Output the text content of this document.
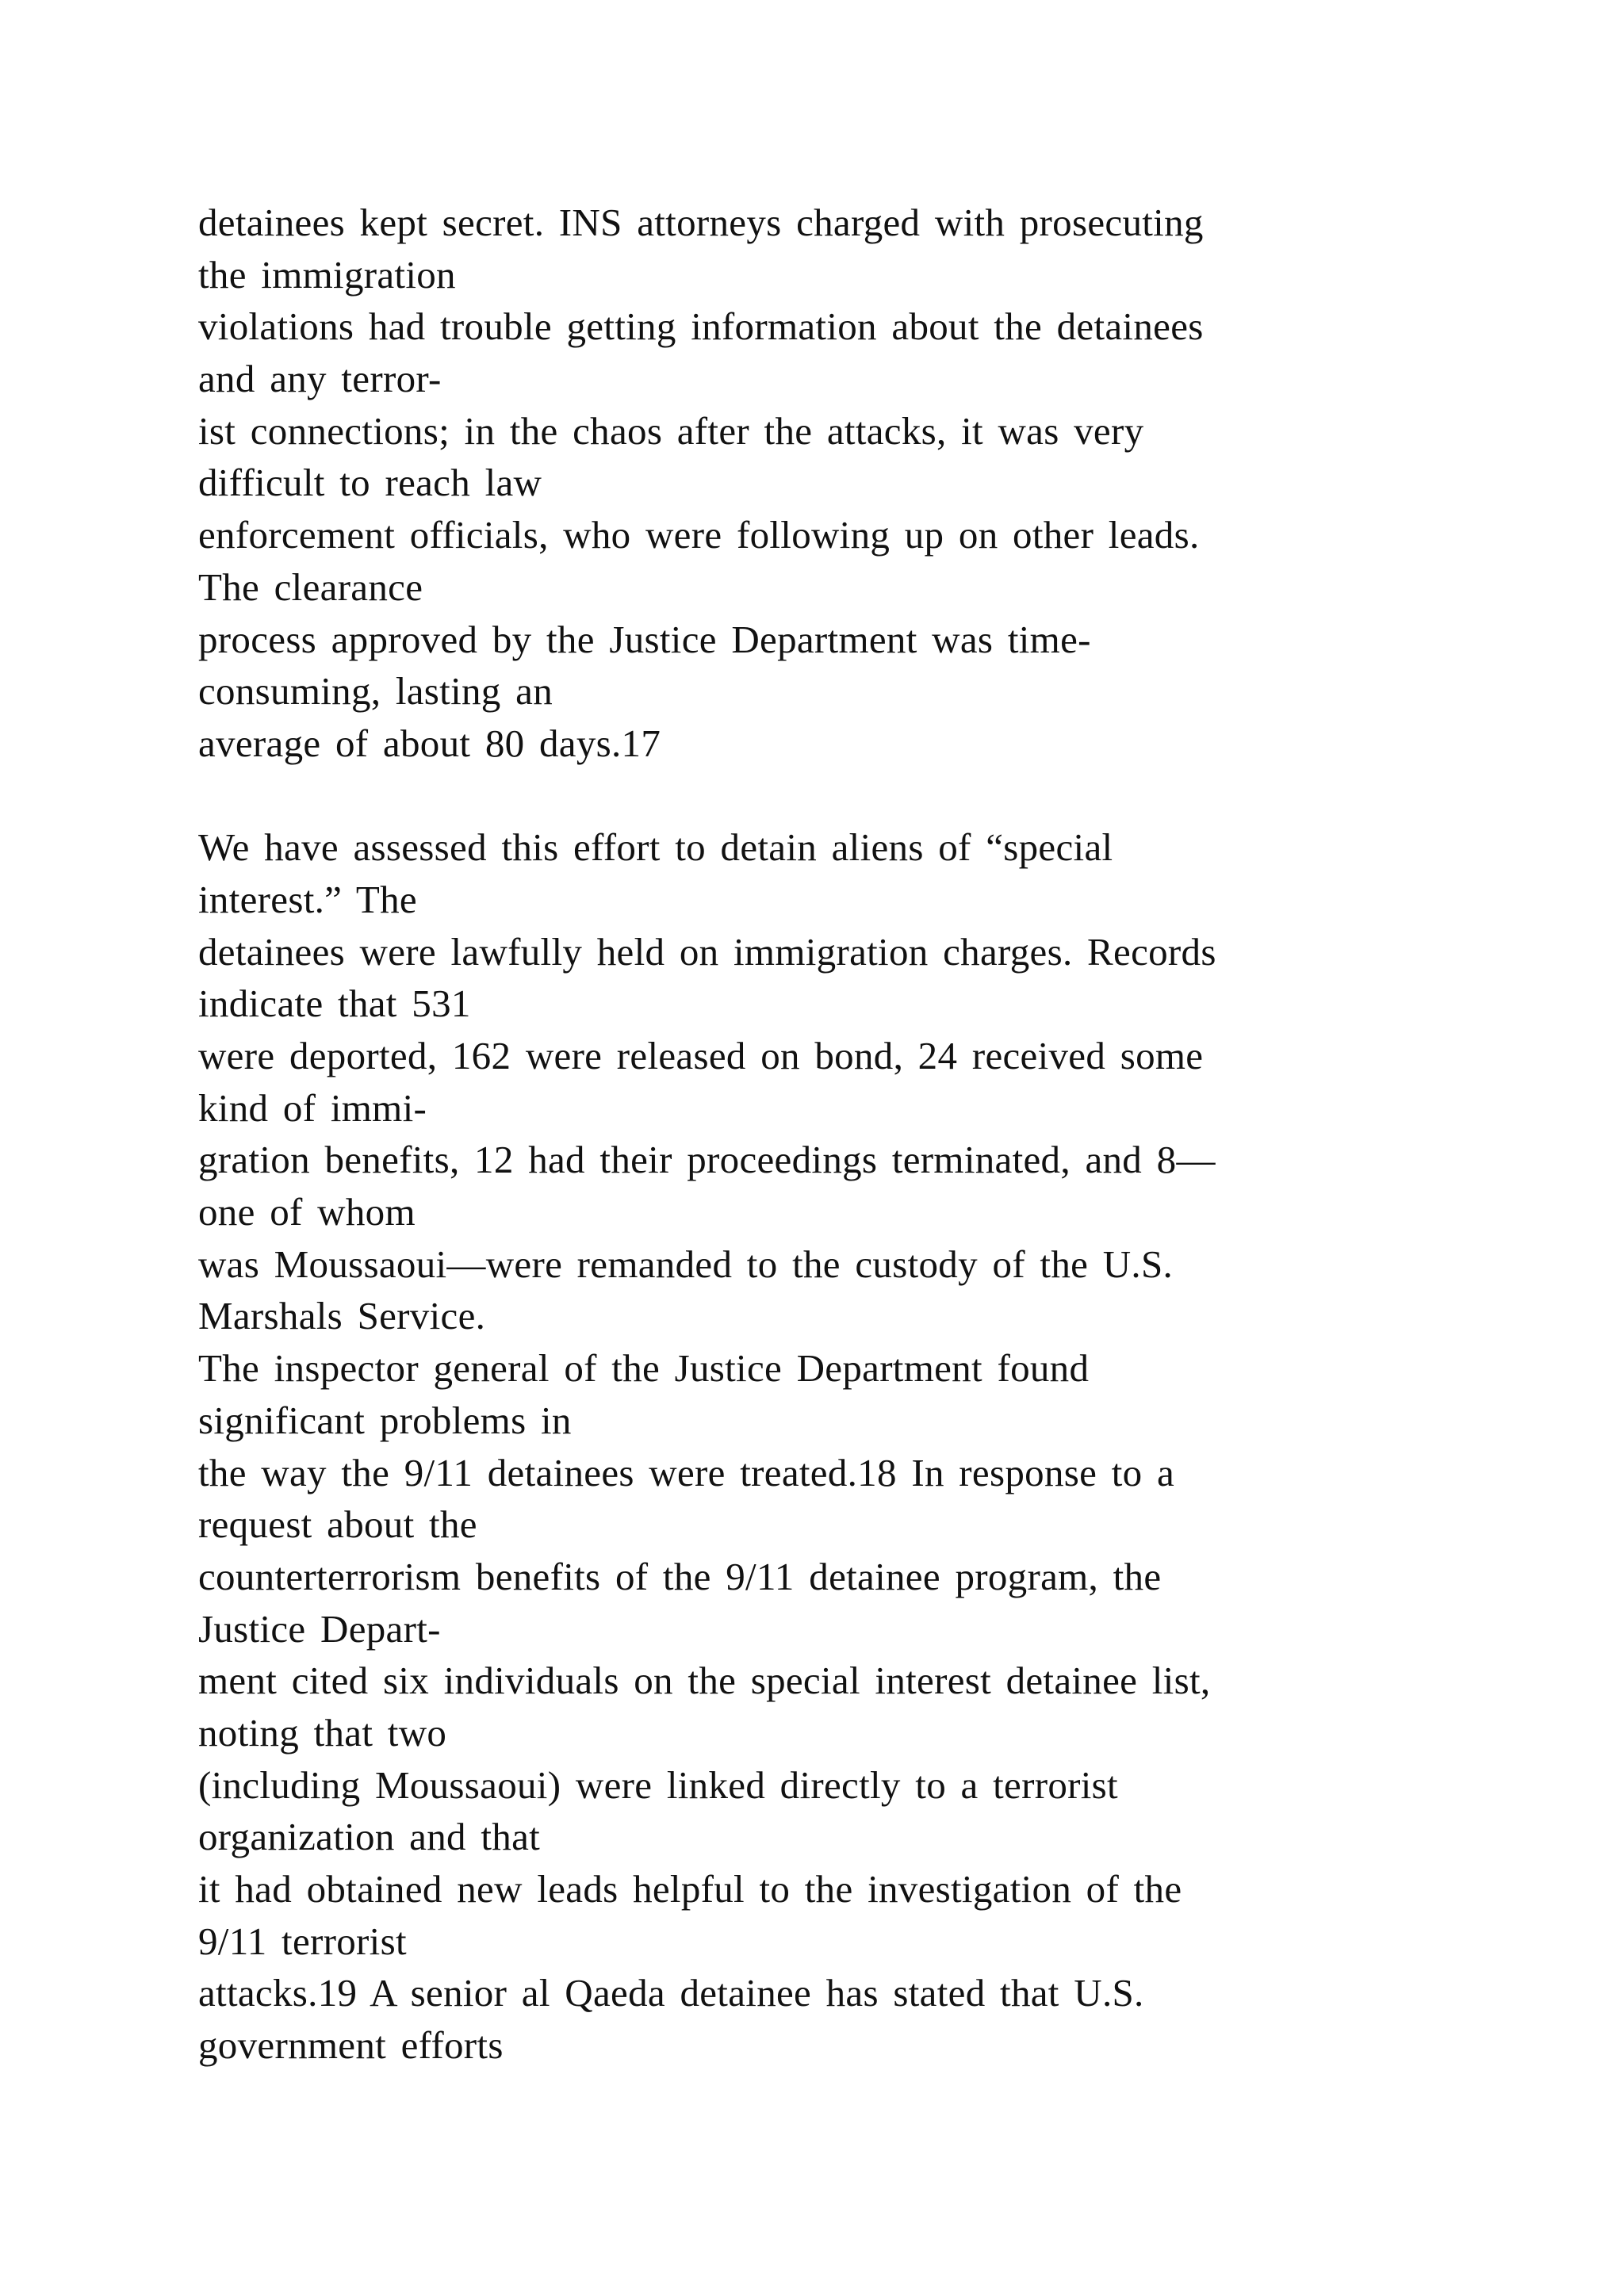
detainees kept secret. INS attorneys charged with prosecuting
the immigration
violations had trouble getting information about the detainees
and any terror-
ist connections; in the chaos after the attacks, it was very
difficult to reach law
enforcement officials, who were following up on other leads.
The clearance
process approved by the Justice Department was time-
consuming, lasting an
average of about 80 days.17
We have assessed this effort to detain aliens of “special
interest.” The
detainees were lawfully held on immigration charges. Records
indicate that 531
were deported, 162 were released on bond, 24 received some
kind of immi-
gration benefits, 12 had their proceedings terminated, and 8—
one of whom
was Moussaoui—were remanded to the custody of the U.S.
Marshals Service.
The inspector general of the Justice Department found
significant problems in
the way the 9/11 detainees were treated.18 In response to a
request about the
counterterrorism benefits of the 9/11 detainee program, the
Justice Depart-
ment cited six individuals on the special interest detainee list,
noting that two
(including Moussaoui) were linked directly to a terrorist
organization and that
it had obtained new leads helpful to the investigation of the
9/11 terrorist
attacks.19 A senior al Qaeda detainee has stated that U.S.
government efforts
